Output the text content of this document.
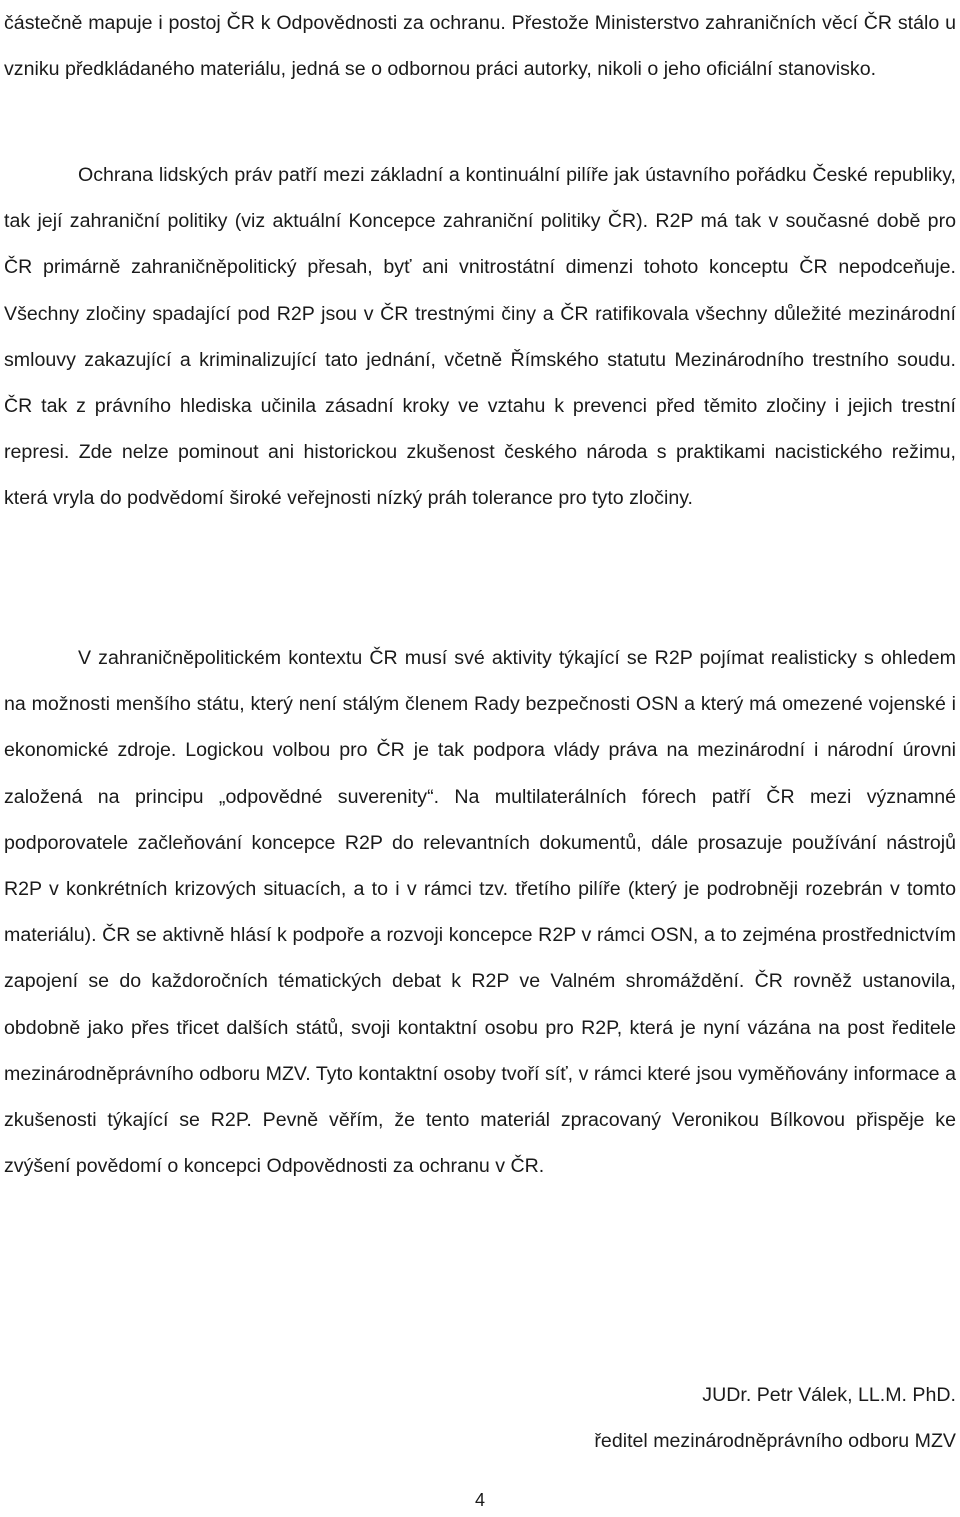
částečně mapuje i postoj ČR k Odpovědnosti za ochranu. Přestože Ministerstvo zahraničních věcí ČR stálo u vzniku předkládaného materiálu, jedná se o odbornou práci autorky, nikoli o jeho oficiální stanovisko.

Ochrana lidských práv patří mezi základní a kontinuální pilíře jak ústavního pořádku České republiky, tak její zahraniční politiky (viz aktuální Koncepce zahraniční politiky ČR). R2P má tak v současné době pro ČR primárně zahraničněpolitický přesah, byť ani vnitrostátní dimenzi tohoto konceptu ČR nepodceňuje. Všechny zločiny spadající pod R2P jsou v ČR trestnými činy a ČR ratifikovala všechny důležité mezinárodní smlouvy zakazující a kriminalizující tato jednání, včetně Římského statutu Mezinárodního trestního soudu. ČR tak z právního hlediska učinila zásadní kroky ve vztahu k prevenci před těmito zločiny i jejich trestní represi. Zde nelze pominout ani historickou zkušenost českého národa s praktikami nacistického režimu, která vryla do podvědomí široké veřejnosti nízký práh tolerance pro tyto zločiny.

V zahraničněpolitickém kontextu ČR musí své aktivity týkající se R2P pojímat realisticky s ohledem na možnosti menšího státu, který není stálým členem Rady bezpečnosti OSN a který má omezené vojenské i ekonomické zdroje. Logickou volbou pro ČR je tak podpora vlády práva na mezinárodní i národní úrovni založená na principu „odpovědné suverenity“. Na multilaterálních fórech patří ČR mezi významné podporovatele začleňování koncepce R2P do relevantních dokumentů, dále prosazuje používání nástrojů R2P v konkrétních krizových situacích, a to i v rámci tzv. třetího pilíře (který je podrobněji rozebrán v tomto materiálu). ČR se aktivně hlásí k podpoře a rozvoji koncepce R2P v rámci OSN, a to zejména prostřednictvím zapojení se do každoročních tématických debat k R2P ve Valném shromáždění. ČR rovněž ustanovila, obdobně jako přes třicet dalších států, svoji kontaktní osobu pro R2P, která je nyní vázána na post ředitele mezinárodněprávního odboru MZV. Tyto kontaktní osoby tvoří síť, v rámci které jsou vyměňovány informace a zkušenosti týkající se R2P. Pevně věřím, že tento materiál zpracovaný Veronikou Bílkovou přispěje ke zvýšení povědomí o koncepci Odpovědnosti za ochranu v ČR.

JUDr. Petr Válek, LL.M. PhD.
ředitel mezinárodněprávního odboru MZV
4
